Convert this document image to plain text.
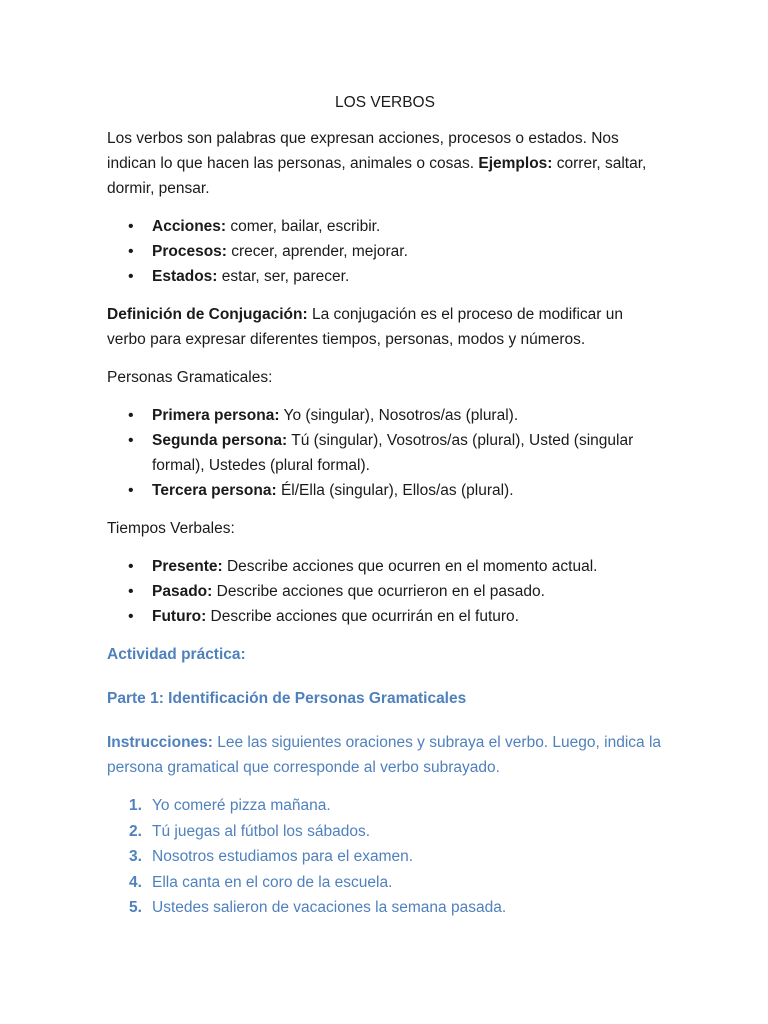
LOS VERBOS

Los verbos son palabras que expresan acciones, procesos o estados. Nos indican lo que hacen las personas, animales o cosas. Ejemplos: correr, saltar, dormir, pensar.

• Acciones: comer, bailar, escribir.
• Procesos: crecer, aprender, mejorar.
• Estados: estar, ser, parecer.

Definición de Conjugación: La conjugación es el proceso de modificar un verbo para expresar diferentes tiempos, personas, modos y números.

Personas Gramaticales:

• Primera persona: Yo (singular), Nosotros/as (plural).
• Segunda persona: Tú (singular), Vosotros/as (plural), Usted (singular formal), Ustedes (plural formal).
• Tercera persona: Él/Ella (singular), Ellos/as (plural).

Tiempos Verbales:

• Presente: Describe acciones que ocurren en el momento actual.
• Pasado: Describe acciones que ocurrieron en el pasado.
• Futuro: Describe acciones que ocurrirán en el futuro.

Actividad práctica:

Parte 1: Identificación de Personas Gramaticales

Instrucciones: Lee las siguientes oraciones y subraya el verbo. Luego, indica la persona gramatical que corresponde al verbo subrayado.

1. Yo comeré pizza mañana.
2. Tú juegas al fútbol los sábados.
3. Nosotros estudiamos para el examen.
4. Ella canta en el coro de la escuela.
5. Ustedes salieron de vacaciones la semana pasada.
